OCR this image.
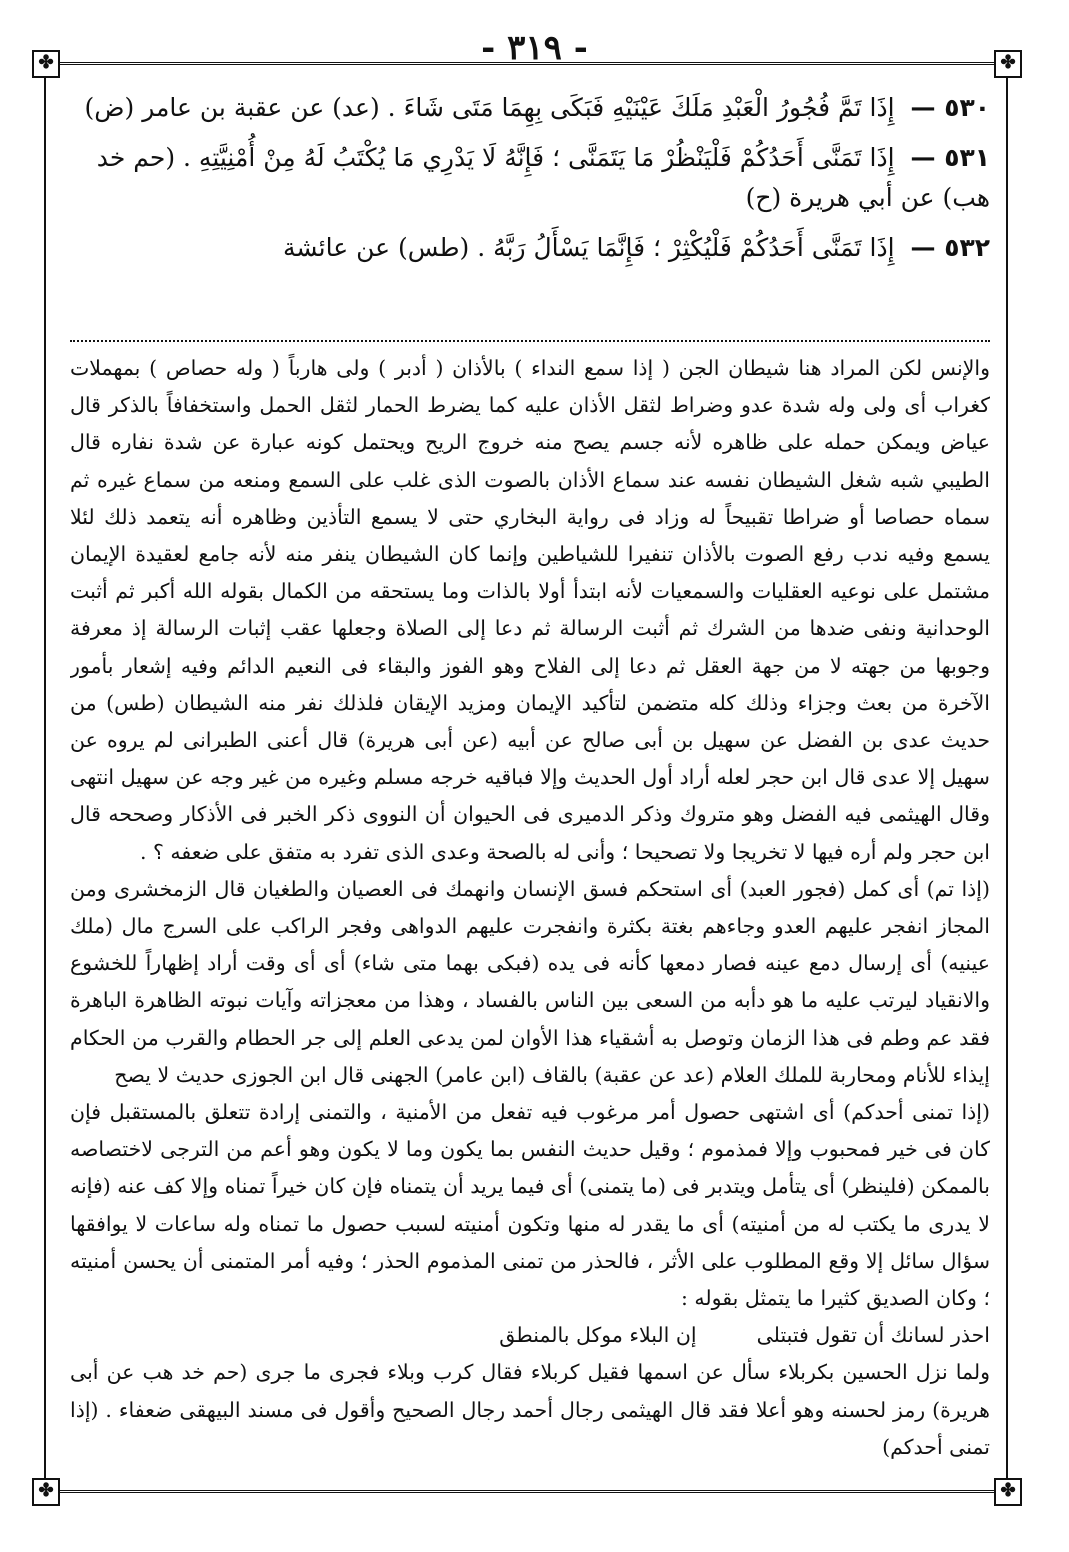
- ٣١٩ -
✤	✤
✤	✤
٥٣٠ — إِذَا تَمَّ فُجُورُ الْعَبْدِ مَلَكَ عَيْنَيْهِ فَبَكَى بِهِمَا مَتَى شَاءَ . (عد) عن عقبة بن عامر (ض)
٥٣١ — إِذَا تَمَنَّى أَحَدُكُمْ فَلْيَنْظُرْ مَا يَتَمَنَّى ؛ فَإِنَّهُ لَا يَدْرِي مَا يُكْتَبُ لَهُ مِنْ أُمْنِيَّتِهِ . (حم خد هب) عن أبي هريرة (ح)
٥٣٢ — إِذَا تَمَنَّى أَحَدُكُمْ فَلْيُكْثِرْ ؛ فَإِنَّمَا يَسْأَلُ رَبَّهُ . (طس) عن عائشة

والإنس لكن المراد هنا شيطان الجن ( إذا سمع النداء ) بالأذان ( أدبر ) ولى هارباً ( وله حصاص ) بمهملات كغراب أى ولى وله شدة عدو وضراط لثقل الأذان عليه كما يضرط الحمار لثقل الحمل واستخفافاً بالذكر قال عياض ويمكن حمله على ظاهره لأنه جسم يصح منه خروج الريح ويحتمل كونه عبارة عن شدة نفاره قال الطيبي شبه شغل الشيطان نفسه عند سماع الأذان بالصوت الذى غلب على السمع ومنعه من سماع غيره ثم سماه حصاصا أو ضراطا تقبيحاً له وزاد فى رواية البخاري حتى لا يسمع التأذين وظاهره أنه يتعمد ذلك لئلا يسمع وفيه ندب رفع الصوت بالأذان تنفيرا للشياطين وإنما كان الشيطان ينفر منه لأنه جامع لعقيدة الإيمان مشتمل على نوعيه العقليات والسمعيات لأنه ابتدأ أولا بالذات وما يستحقه من الكمال بقوله الله أكبر ثم أثبت الوحدانية ونفى ضدها من الشرك ثم أثبت الرسالة ثم دعا إلى الصلاة وجعلها عقب إثبات الرسالة إذ معرفة وجوبها من جهته لا من جهة العقل ثم دعا إلى الفلاح وهو الفوز والبقاء فى النعيم الدائم وفيه إشعار بأمور الآخرة من بعث وجزاء وذلك كله متضمن لتأكيد الإيمان ومزيد الإيقان فلذلك نفر منه الشيطان (طس) من حديث عدى بن الفضل عن سهيل بن أبى صالح عن أبيه (عن أبى هريرة) قال أعنى الطبرانى لم يروه عن سهيل إلا عدى قال ابن حجر لعله أراد أول الحديث وإلا فباقيه خرجه مسلم وغيره من غير وجه عن سهيل انتهى وقال الهيثمى فيه الفضل وهو متروك وذكر الدميرى فى الحيوان أن النووى ذكر الخبر فى الأذكار وصححه قال ابن حجر ولم أره فيها لا تخريجا ولا تصحيحا ؛ وأنى له بالصحة وعدى الذى تفرد به متفق على ضعفه ؟ .

(إذا تم) أى كمل (فجور العبد) أى استحكم فسق الإنسان وانهمك فى العصيان والطغيان قال الزمخشرى ومن المجاز انفجر عليهم العدو وجاءهم بغتة بكثرة وانفجرت عليهم الدواهى وفجر الراكب على السرج مال (ملك عينيه) أى إرسال دمع عينه فصار دمعها كأنه فى يده (فبكى بهما متى شاء) أى أى وقت أراد إظهاراً للخشوع والانقياد ليرتب عليه ما هو دأبه من السعى بين الناس بالفساد ، وهذا من معجزاته وآيات نبوته الظاهرة الباهرة فقد عم وطم فى هذا الزمان وتوصل به أشقياء هذا الأوان لمن يدعى العلم إلى جر الحطام والقرب من الحكام إيذاء للأنام ومحاربة للملك العلام (عد عن عقبة) بالقاف (ابن عامر) الجهنى قال ابن الجوزى حديث لا يصح

(إذا تمنى أحدكم) أى اشتهى حصول أمر مرغوب فيه تفعل من الأمنية ، والتمنى إرادة تتعلق بالمستقبل فإن كان فى خير فمحبوب وإلا فمذموم ؛ وقيل حديث النفس بما يكون وما لا يكون وهو أعم من الترجى لاختصاصه بالممكن (فلينظر) أى يتأمل ويتدبر فى (ما يتمنى) أى فيما يريد أن يتمناه فإن كان خيراً تمناه وإلا كف عنه (فإنه لا يدرى ما يكتب له من أمنيته) أى ما يقدر له منها وتكون أمنيته لسبب حصول ما تمناه وله ساعات لا يوافقها سؤال سائل إلا وقع المطلوب على الأثر ، فالحذر من تمنى المذموم الحذر ؛ وفيه أمر المتمنى أن يحسن أمنيته ؛ وكان الصديق كثيرا ما يتمثل بقوله :

احذر لسانك أن تقول فتبتلى
إن البلاء موكل بالمنطق

ولما نزل الحسين بكربلاء سأل عن اسمها فقيل كربلاء فقال كرب وبلاء فجرى ما جرى (حم خد هب عن أبى هريرة) رمز لحسنه وهو أعلا فقد قال الهيثمى رجال أحمد رجال الصحيح وأقول فى مسند البيهقى ضعفاء . (إذا تمنى أحدكم)
